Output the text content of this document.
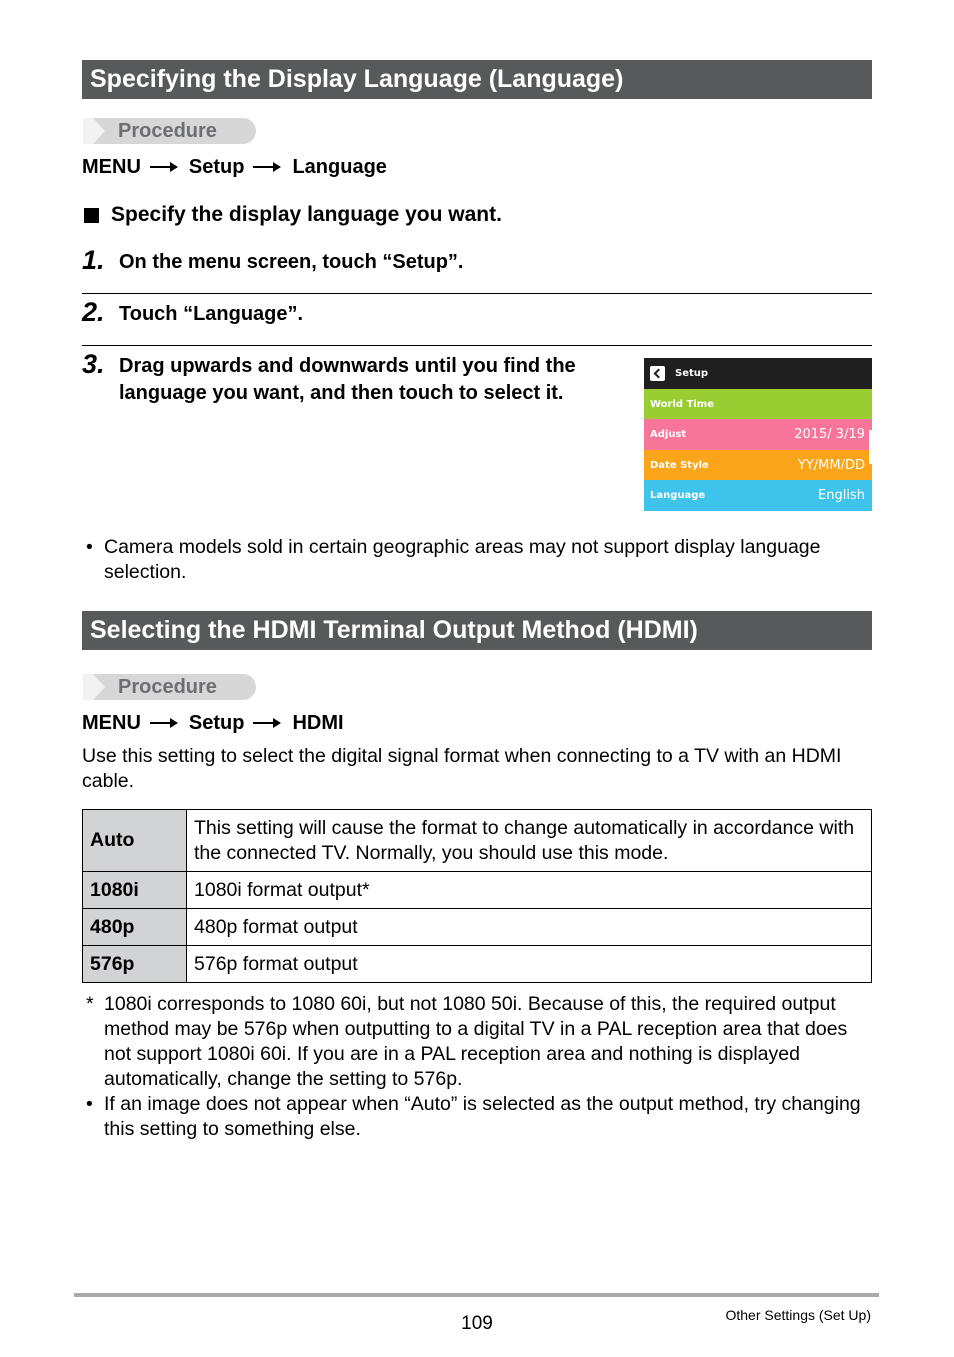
Specifying the Display Language (Language)
Procedure
MENU Setup Language
Specify the display language you want.
1. On the menu screen, touch “Setup”.
2. Touch “Language”.
3. Drag upwards and downwards until you find the language you want, and then touch to select it.
Setup
World Time
Adjust	2015/ 3/19
Date Style	YY/MM/DD
Language	English
• Camera models sold in certain geographic areas may not support display language selection.
Selecting the HDMI Terminal Output Method (HDMI)
Procedure
MENU Setup HDMI
Use this setting to select the digital signal format when connecting to a TV with an HDMI cable.
Auto	This setting will cause the format to change automatically in accordance with the connected TV. Normally, you should use this mode.
1080i	1080i format output*
480p	480p format output
576p	576p format output
* 1080i corresponds to 1080 60i, but not 1080 50i. Because of this, the required output method may be 576p when outputting to a digital TV in a PAL reception area that does not support 1080i 60i. If you are in a PAL reception area and nothing is displayed automatically, change the setting to 576p.
• If an image does not appear when “Auto” is selected as the output method, try changing this setting to something else.
109	Other Settings (Set Up)
